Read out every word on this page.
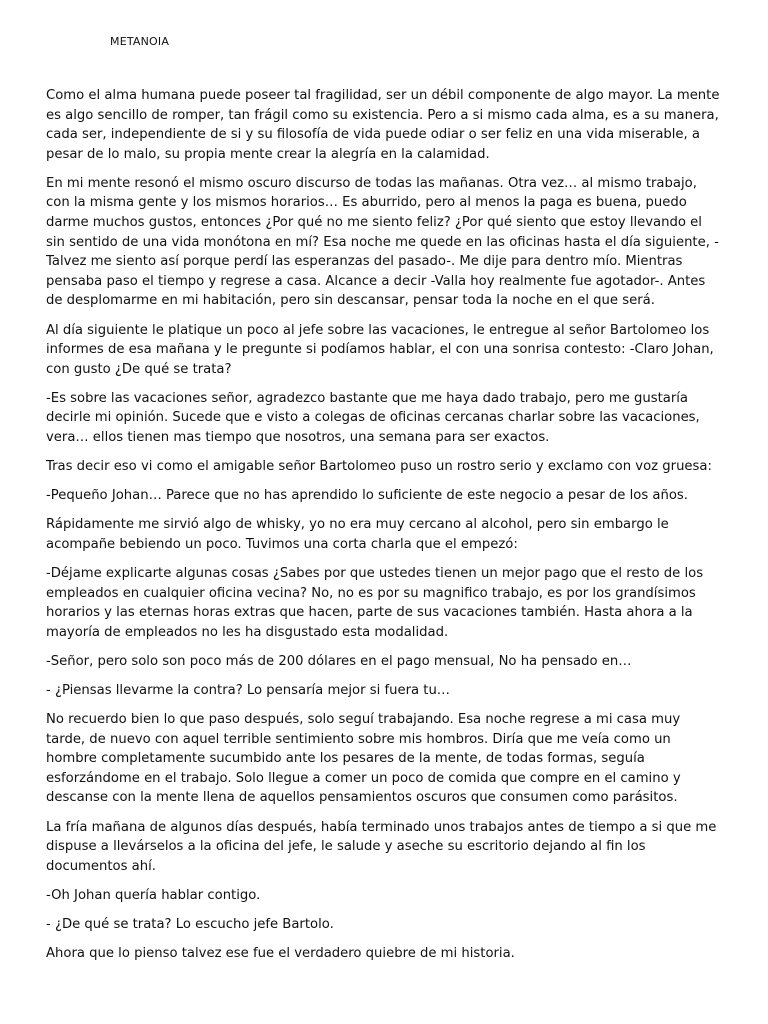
METANOIA

Como el alma humana puede poseer tal fragilidad, ser un débil componente de algo mayor. La mente es algo sencillo de romper, tan frágil como su existencia. Pero a si mismo cada alma, es a su manera, cada ser, independiente de si y su filosofía de vida puede odiar o ser feliz en una vida miserable, a pesar de lo malo, su propia mente crear la alegría en la calamidad.

En mi mente resonó el mismo oscuro discurso de todas las mañanas. Otra vez… al mismo trabajo, con la misma gente y los mismos horarios… Es aburrido, pero al menos la paga es buena, puedo darme muchos gustos, entonces ¿Por qué no me siento feliz? ¿Por qué siento que estoy llevando el sin sentido de una vida monótona en mí? Esa noche me quede en las oficinas hasta el día siguiente, -Talvez me siento así porque perdí las esperanzas del pasado-. Me dije para dentro mío. Mientras pensaba paso el tiempo y regrese a casa. Alcance a decir -Valla hoy realmente fue agotador-. Antes de desplomarme en mi habitación, pero sin descansar, pensar toda la noche en el que será.

Al día siguiente le platique un poco al jefe sobre las vacaciones, le entregue al señor Bartolomeo los informes de esa mañana y le pregunte si podíamos hablar, el con una sonrisa contesto: -Claro Johan, con gusto ¿De qué se trata?

-Es sobre las vacaciones señor, agradezco bastante que me haya dado trabajo, pero me gustaría decirle mi opinión. Sucede que e visto a colegas de oficinas cercanas charlar sobre las vacaciones, vera… ellos tienen mas tiempo que nosotros, una semana para ser exactos.

Tras decir eso vi como el amigable señor Bartolomeo puso un rostro serio y exclamo con voz gruesa:

-Pequeño Johan… Parece que no has aprendido lo suficiente de este negocio a pesar de los años.

Rápidamente me sirvió algo de whisky, yo no era muy cercano al alcohol, pero sin embargo le acompañe bebiendo un poco. Tuvimos una corta charla que el empezó:

-Déjame explicarte algunas cosas ¿Sabes por que ustedes tienen un mejor pago que el resto de los empleados en cualquier oficina vecina? No, no es por su magnifico trabajo, es por los grandísimos horarios y las eternas horas extras que hacen, parte de sus vacaciones también. Hasta ahora a la mayoría de empleados no les ha disgustado esta modalidad.

-Señor, pero solo son poco más de 200 dólares en el pago mensual, No ha pensado en…

- ¿Piensas llevarme la contra? Lo pensaría mejor si fuera tu…

No recuerdo bien lo que paso después, solo seguí trabajando. Esa noche regrese a mi casa muy tarde, de nuevo con aquel terrible sentimiento sobre mis hombros. Diría que me veía como un hombre completamente sucumbido ante los pesares de la mente, de todas formas, seguía esforzándome en el trabajo. Solo llegue a comer un poco de comida que compre en el camino y descanse con la mente llena de aquellos pensamientos oscuros que consumen como parásitos.

La fría mañana de algunos días después, había terminado unos trabajos antes de tiempo a si que me dispuse a llevárselos a la oficina del jefe, le salude y aseche su escritorio dejando al fin los documentos ahí.

-Oh Johan quería hablar contigo.

- ¿De qué se trata? Lo escucho jefe Bartolo.

Ahora que lo pienso talvez ese fue el verdadero quiebre de mi historia.
